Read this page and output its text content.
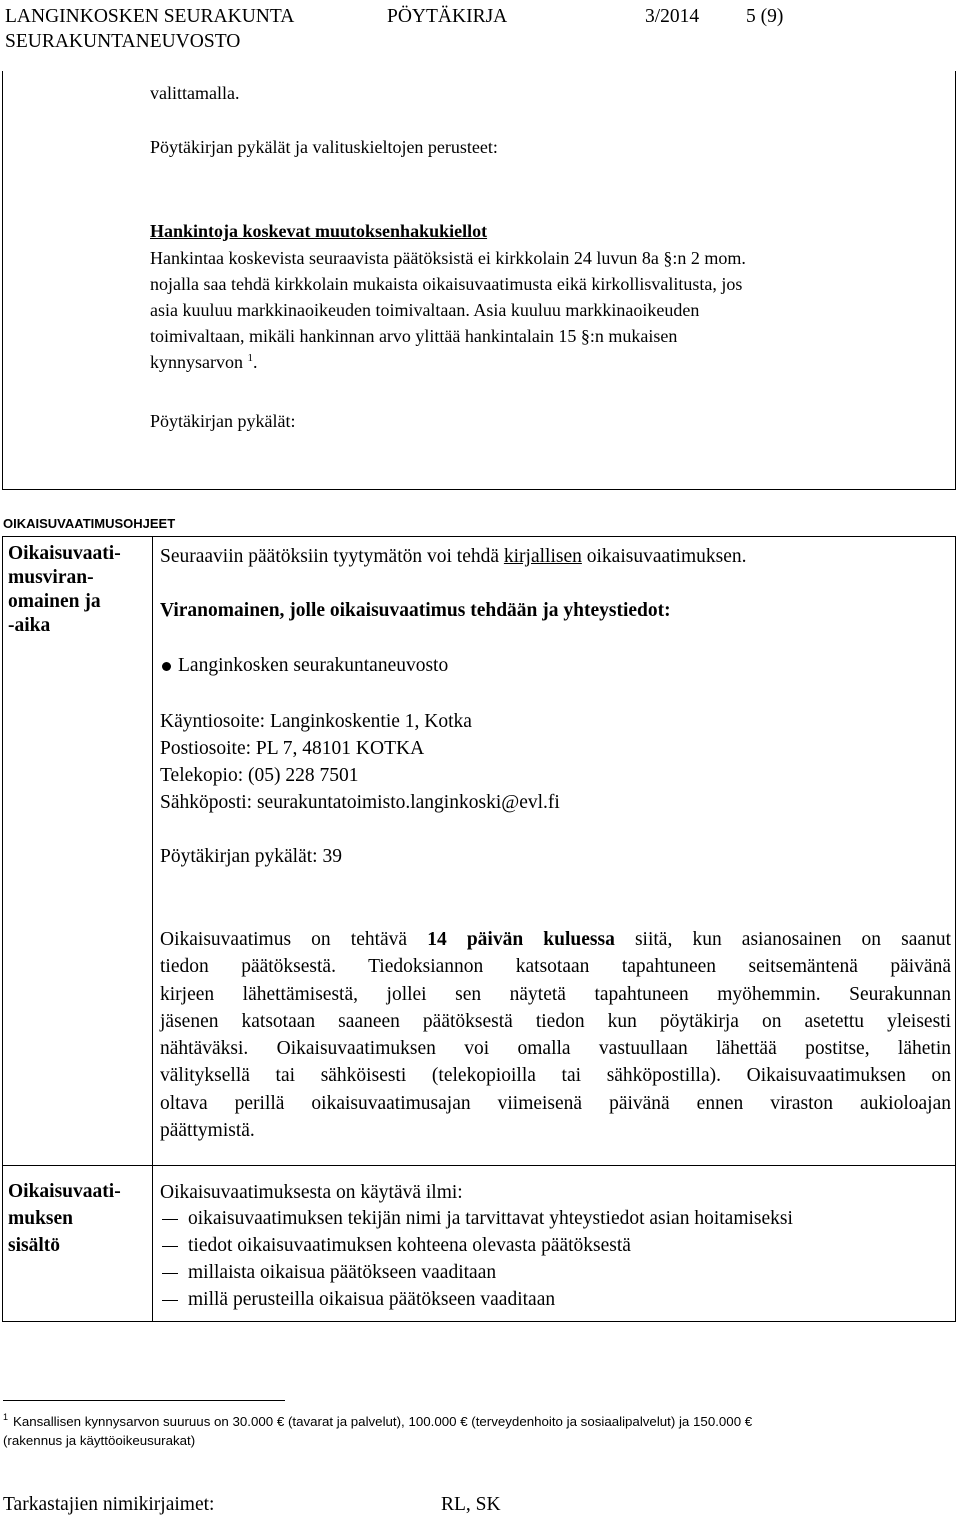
LANGINKOSKEN SEURAKUNTA
SEURAKUNTANEUVOSTO
PÖYTÄKIRJA	3/2014 5 (9)
valittamalla.
Pöytäkirjan pykälät ja valituskieltojen perusteet:
Hankintoja koskevat muutoksenhakukiellot
Hankintaa koskevista seuraavista päätöksistä ei kirkkolain 24 luvun 8a §:n 2 mom.
nojalla saa tehdä kirkkolain mukaista oikaisuvaatimusta eikä kirkollisvalitusta, jos
asia kuuluu markkinaoikeuden toimivaltaan. Asia kuuluu markkinaoikeuden
toimivaltaan, mikäli hankinnan arvo ylittää hankintalain 15 §:n mukaisen
kynnysarvon $^1$.
Pöytäkirjan pykälät:
OIKAISUVAATIMUSOHJEET
Oikaisuvaati-
musviran-
omainen ja
-aika
Seuraaviin päätöksiin tyytymätön voi tehdä kirjallisen oikaisuvaatimuksen.
Viranomainen, jolle oikaisuvaatimus tehdään ja yhteystiedot:
Langinkosken seurakuntaneuvosto
Käyntiosoite: Langinkoskentie 1, Kotka
Postiosoite: PL 7, 48101 KOTKA
Telekopio: (05) 228 7501
Sähköposti: seurakuntatoimisto.langinkoski@evl.fi
Pöytäkirjan pykälät: 39
Oikaisuvaatimus on tehtävä 14 päivän kuluessa siitä, kun asianosainen on saanut
tiedon päätöksestä. Tiedoksiannon katsotaan tapahtuneen seitsemäntenä päivänä
kirjeen lähettämisestä, jollei sen näytetä tapahtuneen myöhemmin. Seurakunnan
jäsenen katsotaan saaneen päätöksestä tiedon kun pöytäkirja on asetettu yleisesti
nähtäväksi. Oikaisuvaatimuksen voi omalla vastuullaan lähettää postitse, lähetin
välityksellä tai sähköisesti (telekopioilla tai sähköpostilla). Oikaisuvaatimuksen on
oltava perillä oikaisuvaatimusajan viimeisenä päivänä ennen viraston aukioloajan
päättymistä.
Oikaisuvaati-
muksen
sisältö
Oikaisuvaatimuksesta on käytävä ilmi:
oikaisuvaatimuksen tekijän nimi ja tarvittavat yhteystiedot asian hoitamiseksi
tiedot oikaisuvaatimuksen kohteena olevasta päätöksestä
millaista oikaisua päätökseen vaaditaan
millä perusteilla oikaisua päätökseen vaaditaan
1 Kansallisen kynnysarvon suuruus on 30.000 € (tavarat ja palvelut), 100.000 € (terveydenhoito ja sosiaalipalvelut) ja 150.000 €
(rakennus ja käyttöoikeusurakat)
Tarkastajien nimikirjaimet:	RL, SK
